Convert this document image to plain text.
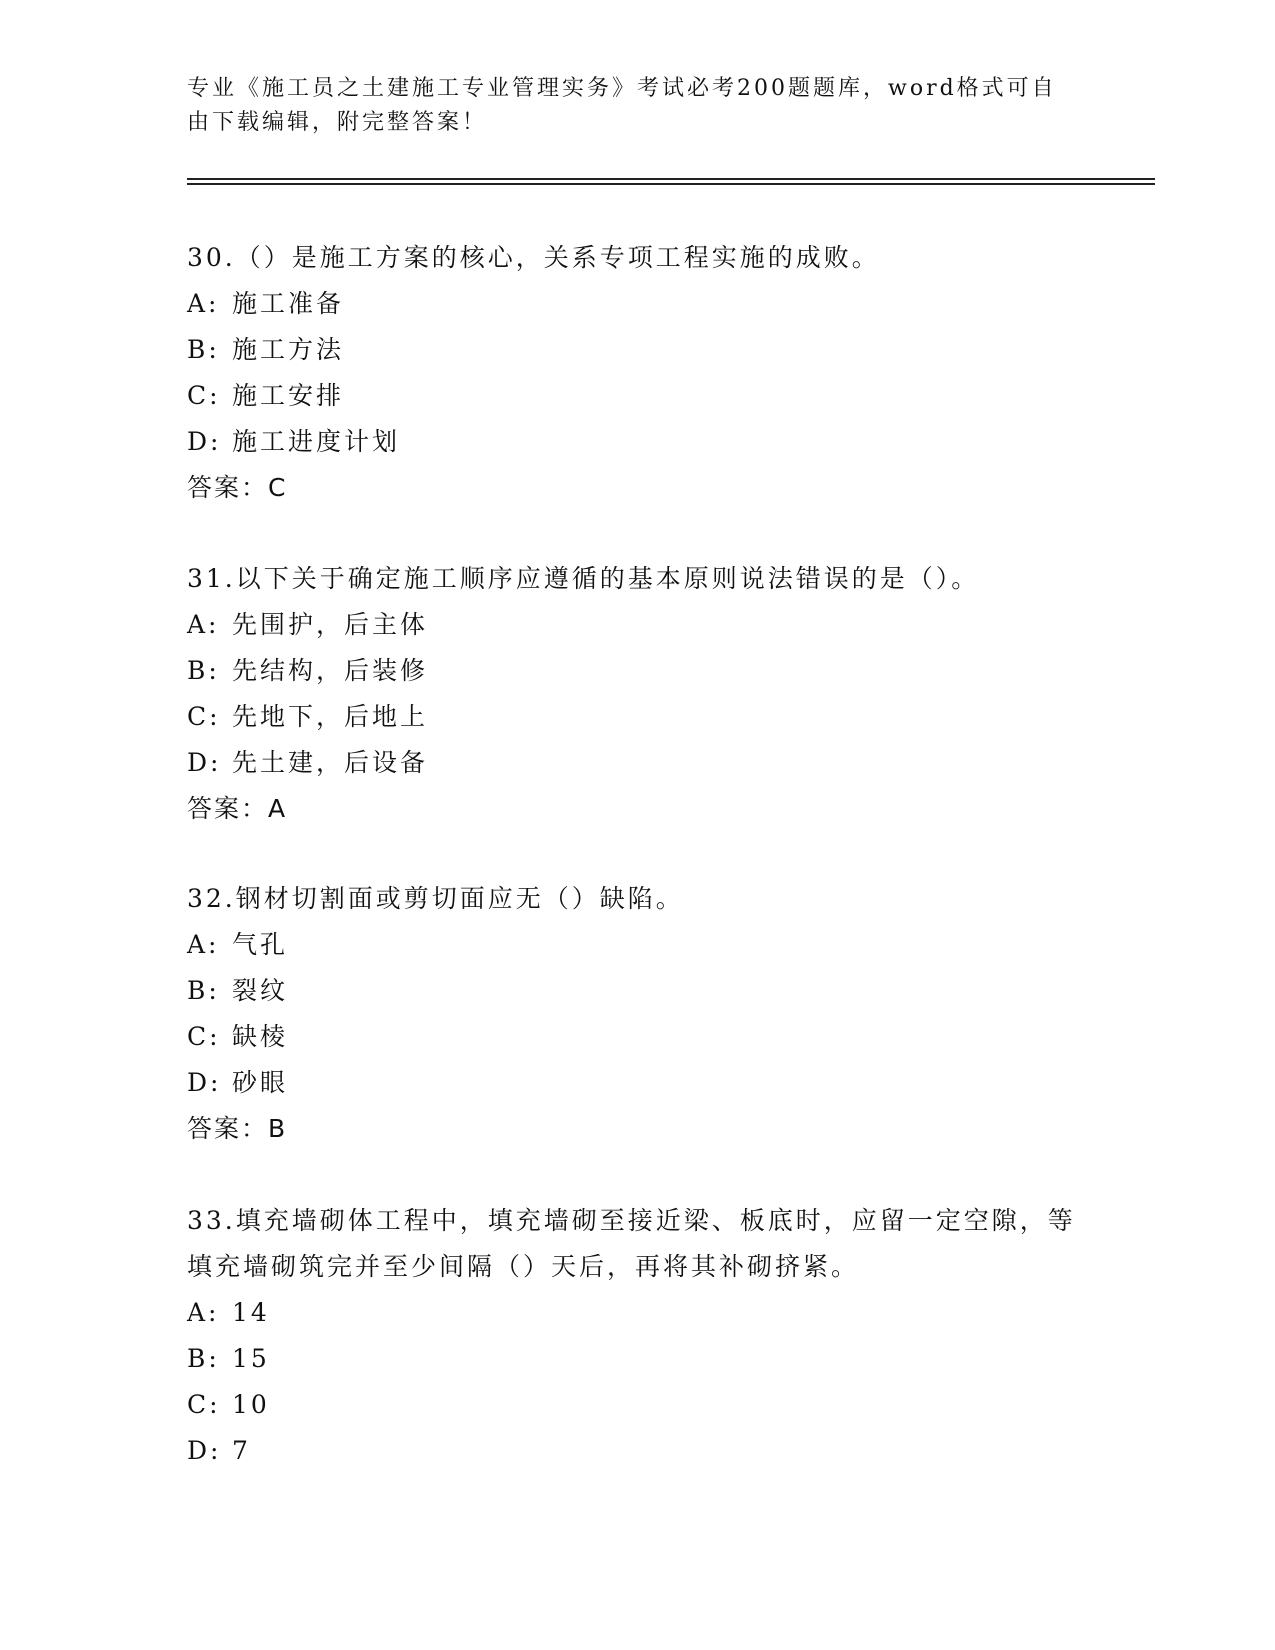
专业《施工员之土建施工专业管理实务》考试必考200题题库，word格式可自由下载编辑，附完整答案！

30.（）是施工方案的核心，关系专项工程实施的成败。

A: 施工准备

B: 施工方法

C: 施工安排

D: 施工进度计划

答案：C

31.以下关于确定施工顺序应遵循的基本原则说法错误的是（）。

A: 先围护，后主体

B: 先结构，后装修

C: 先地下，后地上

D: 先土建，后设备

答案：A

32.钢材切割面或剪切面应无（）缺陷。

A: 气孔

B: 裂纹

C: 缺棱

D: 砂眼

答案：B

33.填充墙砌体工程中，填充墙砌至接近梁、板底时，应留一定空隙，等填充墙砌筑完并至少间隔（）天后，再将其补砌挤紧。

A: 14

B: 15

C: 10

D: 7
